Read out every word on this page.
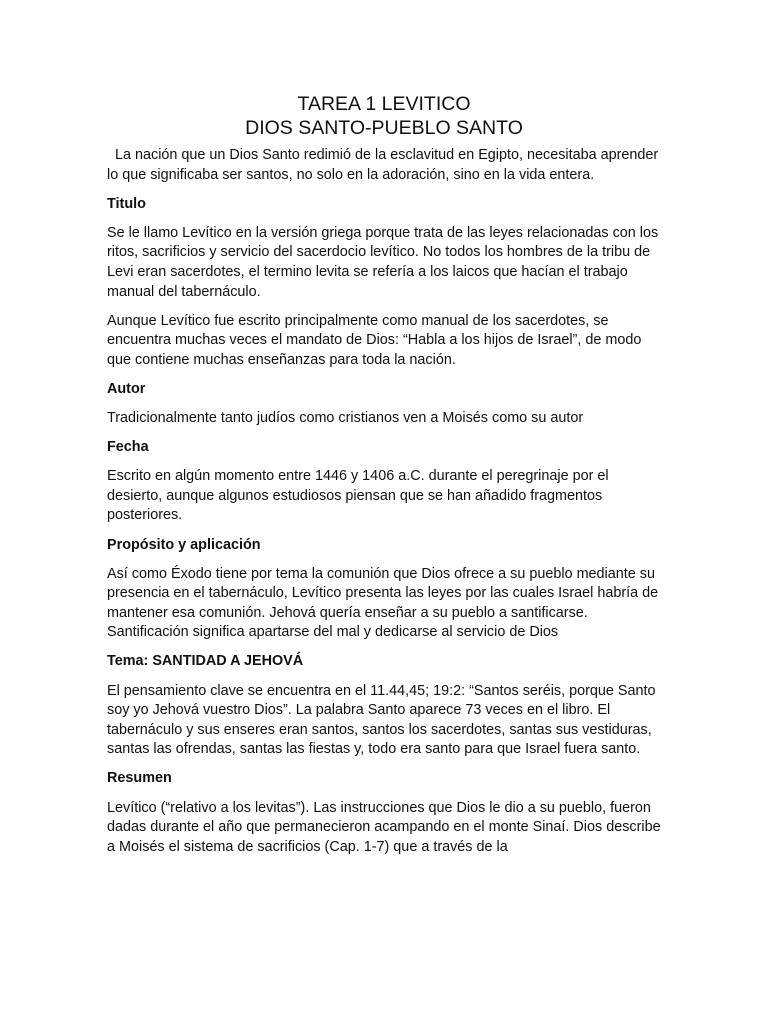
TAREA 1 LEVITICO
DIOS SANTO-PUEBLO SANTO

La nación que un Dios Santo redimió de la esclavitud en Egipto, necesitaba aprender lo que significaba ser santos, no solo en la adoración, sino en la vida entera.

Titulo

Se le llamo Levítico en la versión griega porque trata de las leyes relacionadas con los ritos, sacrificios y servicio del sacerdocio levítico. No todos los hombres de la tribu de Levi eran sacerdotes, el termino levita se refería a los laicos que hacían el trabajo manual del tabernáculo.

Aunque Levítico fue escrito principalmente como manual de los sacerdotes, se encuentra muchas veces el mandato de Dios: “Habla a los hijos de Israel”, de modo que contiene muchas enseñanzas para toda la nación.

Autor

Tradicionalmente tanto judíos como cristianos ven a Moisés como su autor

Fecha

Escrito en algún momento entre 1446 y 1406 a.C. durante el peregrinaje por el desierto, aunque algunos estudiosos piensan que se han añadido fragmentos posteriores.

Propósito y aplicación

Así como Éxodo tiene por tema la comunión que Dios ofrece a su pueblo mediante su presencia en el tabernáculo, Levítico presenta las leyes por las cuales Israel habría de mantener esa comunión. Jehová quería enseñar a su pueblo a santificarse. Santificación significa apartarse del mal y dedicarse al servicio de Dios

Tema: SANTIDAD A JEHOVÁ

El pensamiento clave se encuentra en el 11.44,45; 19:2: “Santos seréis, porque Santo soy yo Jehová vuestro Dios”. La palabra Santo aparece 73 veces en el libro. El tabernáculo y sus enseres eran santos, santos los sacerdotes, santas sus vestiduras, santas las ofrendas, santas las fiestas y, todo era santo para que Israel fuera santo.

Resumen

Levítico (“relativo a los levitas”). Las instrucciones que Dios le dio a su pueblo, fueron dadas durante el año que permanecieron acampando en el monte Sinaí. Dios describe a Moisés el sistema de sacrificios (Cap. 1-7) que a través de la
